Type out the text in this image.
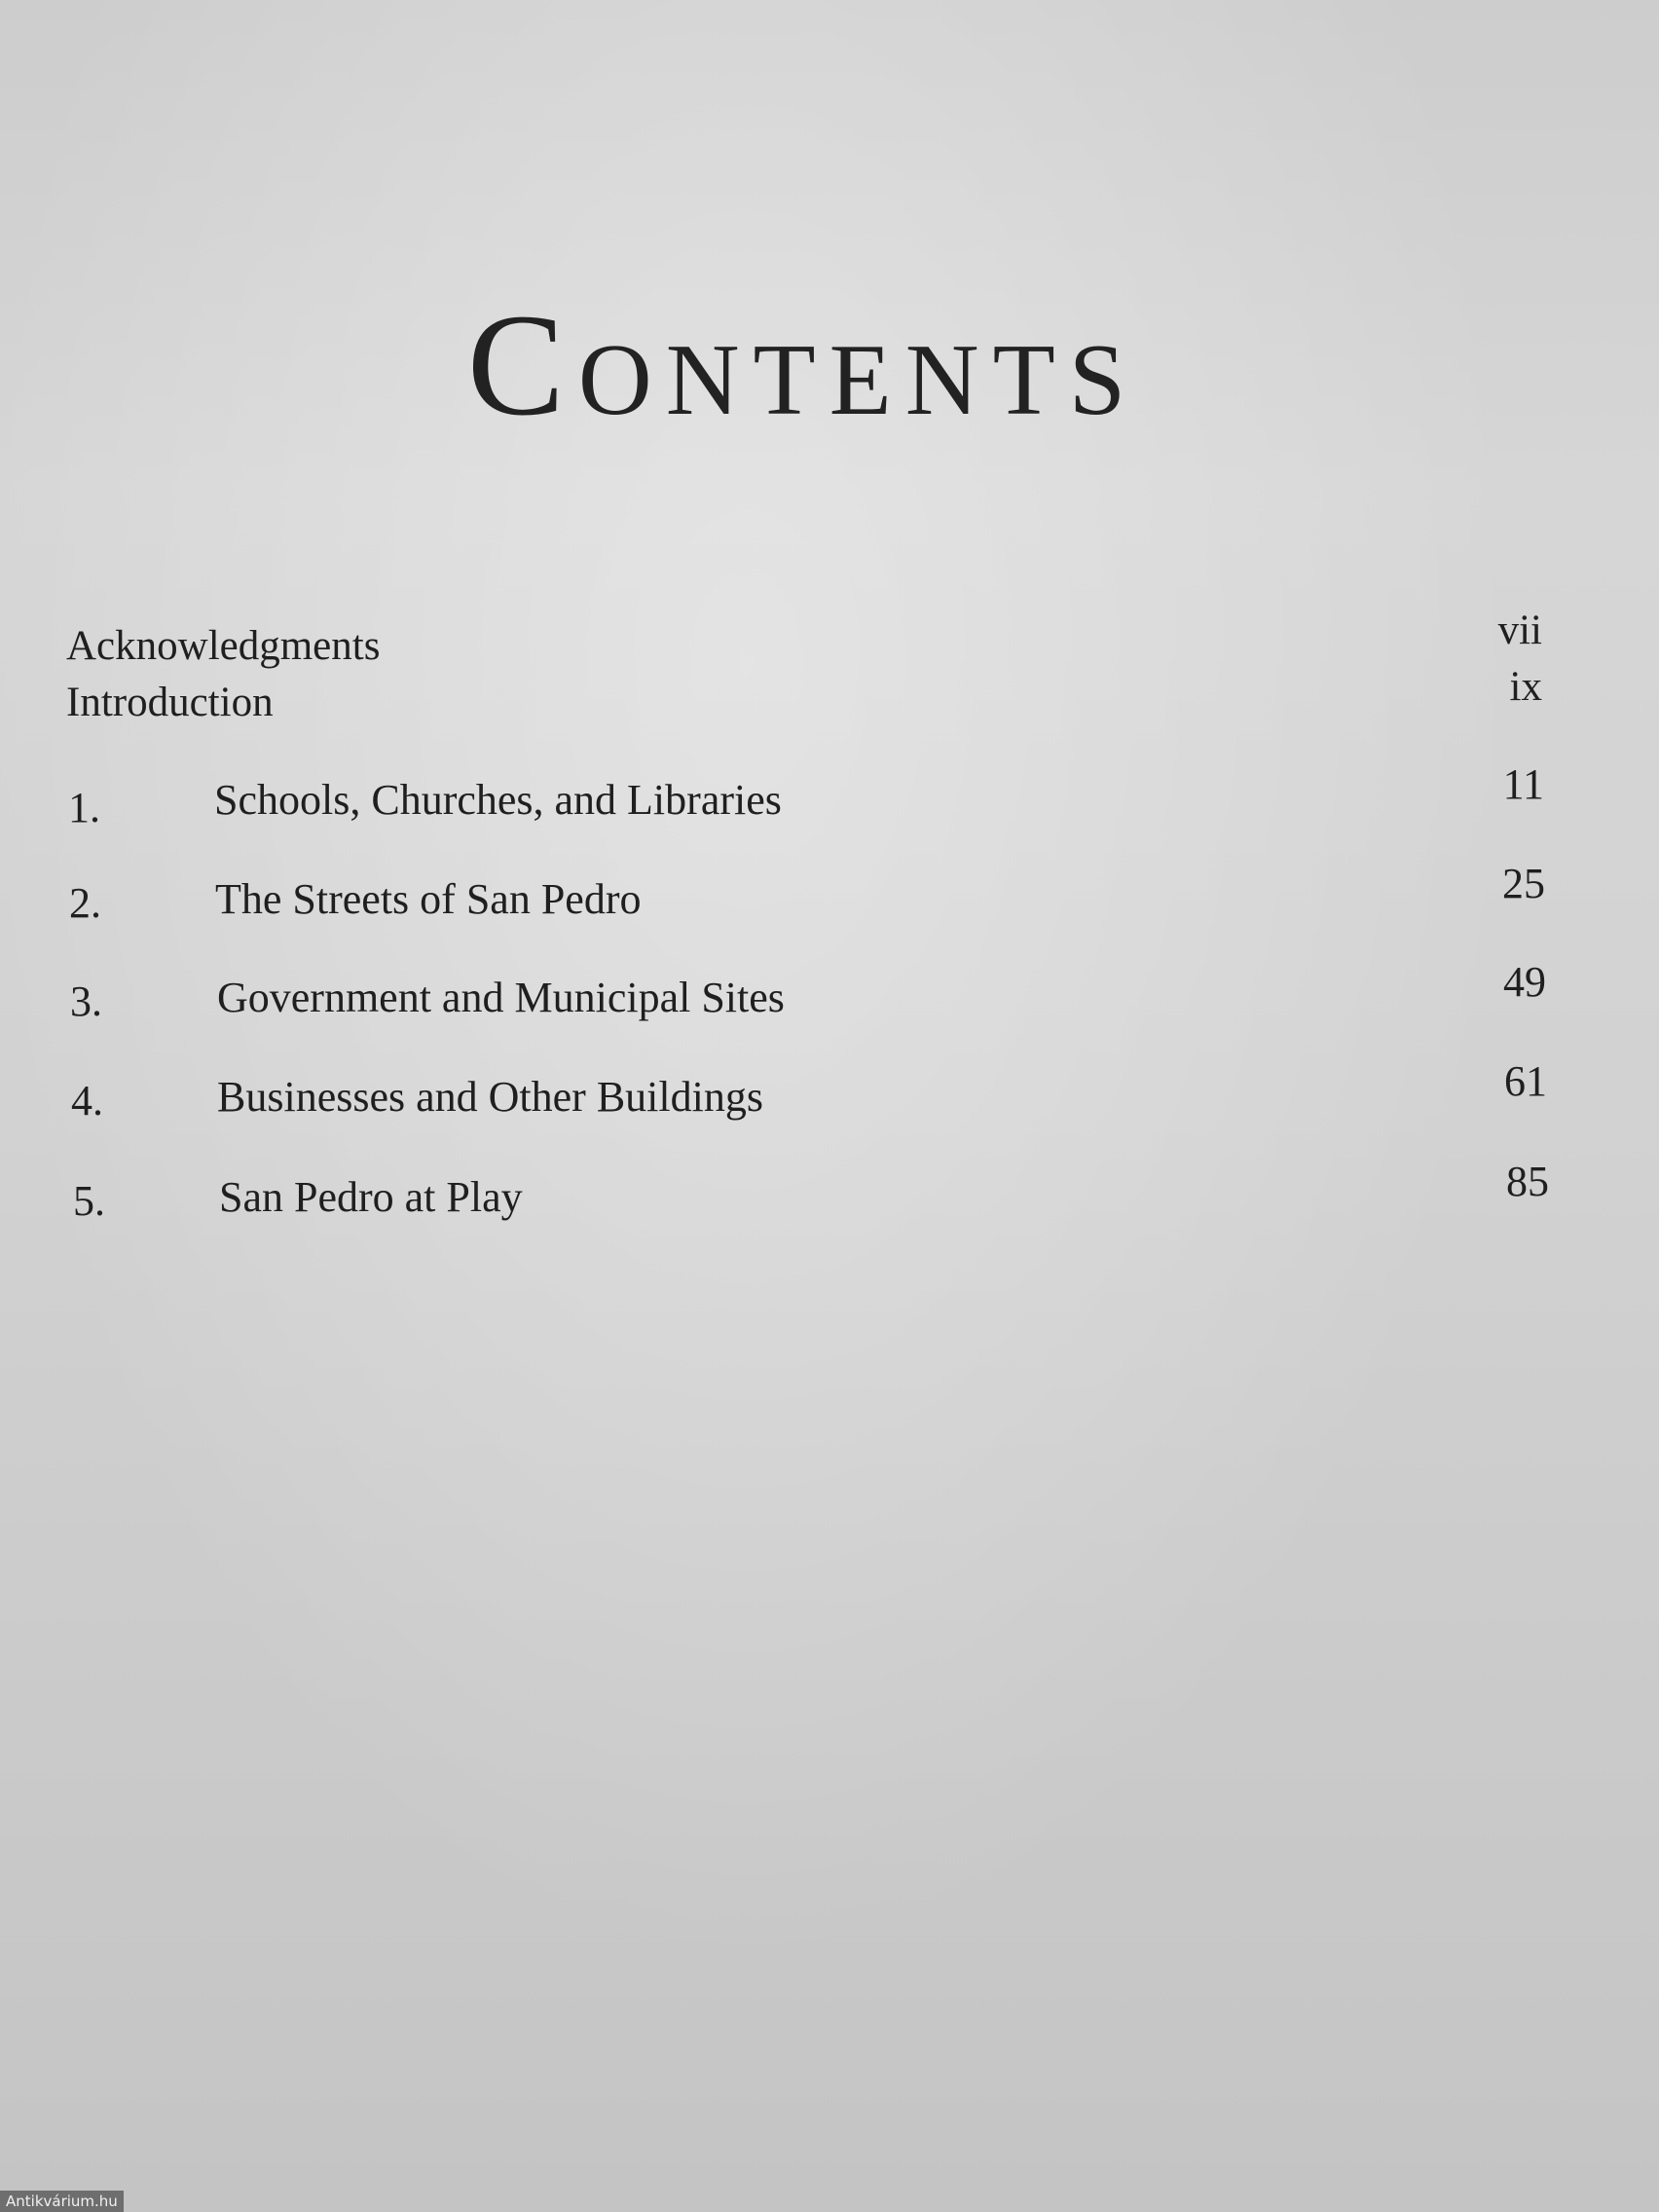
Contents
Acknowledgments	vii
Introduction	ix
1.	Schools, Churches, and Libraries	11
2.	The Streets of San Pedro	25
3.	Government and Municipal Sites	49
4.	Businesses and Other Buildings	61
5.	San Pedro at Play	85
Antikvárium.hu
